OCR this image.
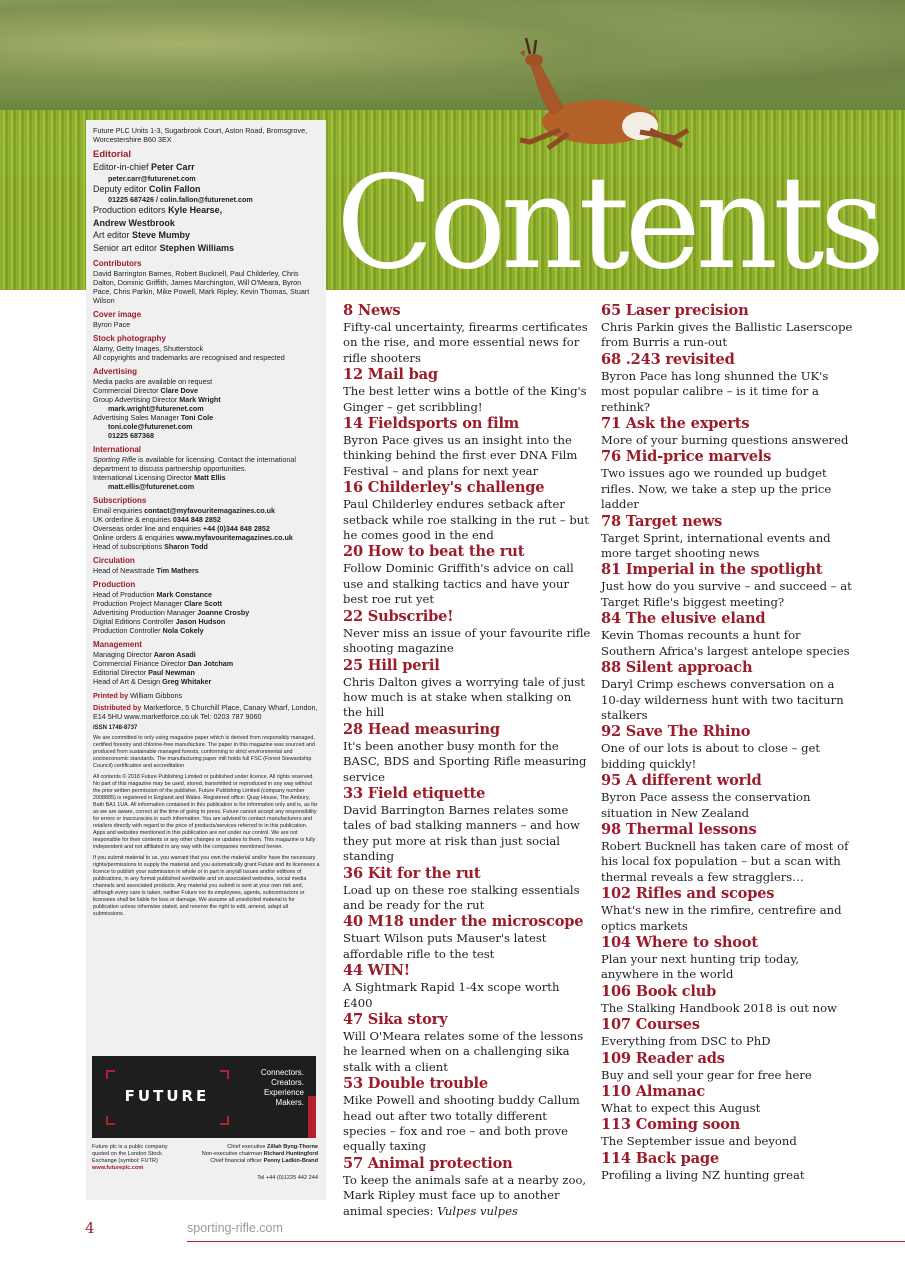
Contents
Future PLC Units 1-3, Sugarbrook Court, Aston Road, Bromsgrove, Worcestershire B60 3EX
Editorial
Editor-in-chief Peter Carr
peter.carr@futurenet.com
Deputy editor Colin Fallon
01225 687426 / colin.fallon@futurenet.com
Production editors Kyle Hearse,
Andrew Westbrook
Art editor Steve Mumby
Senior art editor Stephen Williams
Contributors
David Barrington Barnes, Robert Bucknell, Paul Childerley, Chris Dalton, Dominic Griffith, James Marchington, Will O'Meara, Byron Pace, Chris Parkin, Mike Powell, Mark Ripley, Kevin Thomas, Stuart Wilson
Cover image
Byron Pace
Stock photography
Alamy, Getty Images, Shutterstock
All copyrights and trademarks are recognised and respected
Advertising
Media packs are available on request
Commercial Director Clare Dove
Group Advertising Director Mark Wright
mark.wright@futurenet.com
Advertising Sales Manager Toni Cole
toni.cole@futurenet.com
01225 687368
International
Sporting Rifle is available for licensing. Contact the international department to discuss partnership opportunities.
International Licensing Director Matt Ellis
matt.ellis@futurenet.com
Subscriptions
Email enquiries contact@myfavouritemagazines.co.uk
UK orderline & enquiries 0344 848 2852
Overseas order line and enquiries +44 (0)344 848 2852
Online orders & enquiries www.myfavouritemagazines.co.uk
Head of subscriptions Sharon Todd
Circulation
Head of Newstrade Tim Mathers
Production
Head of Production Mark Constance
Production Project Manager Clare Scott
Advertising Production Manager Joanne Crosby
Digital Editions Controller Jason Hudson
Production Controller Nola Cokely
Management
Managing Director Aaron Asadi
Commercial Finance Director Dan Jotcham
Editorial Director Paul Newman
Head of Art & Design Greg Whitaker
Printed by William Gibbons
Distributed by Marketforce, 5 Churchill Place, Canary Wharf, London, E14 5HU www.marketforce.co.uk Tel: 0203 787 9060
ISSN 1748-8737
We are committed to only using magazine paper which is derived from responsibly managed, certified forestry and chlorine-free manufacture. The paper in this magazine was sourced and produced from sustainable managed forests, conforming to strict environmental and socioeconomic standards. The manufacturing paper mill holds full FSC (Forest Stewardship Council) certification and accreditation
All contents © 2018 Future Publishing Limited or published under licence. All rights reserved. No part of this magazine may be used, stored, transmitted or reproduced in any way without the prior written permission of the publisher. Future Publishing Limited (company number 2008885) is registered in England and Wales. Registered office: Quay House, The Ambury, Bath BA1 1UA. All information contained in this publication is for information only and is, as far as we are aware, correct at the time of going to press. Future cannot accept any responsibility for errors or inaccuracies in such information. You are advised to contact manufacturers and retailers directly with regard to the price of products/services referred to in this publication. Apps and websites mentioned in this publication are not under our control. We are not responsible for their contents or any other changes or updates to them. This magazine is fully independent and not affiliated in any way with the companies mentioned herein.
If you submit material to us, you warrant that you own the material and/or have the necessary rights/permissions to supply the material and you automatically grant Future and its licensees a licence to publish your submission in whole or in part in any/all issues and/or editions of publications, in any format published worldwide and on associated websites, social media channels and associated products. Any material you submit is sent at your own risk and, although every care is taken, neither Future nor its employees, agents, subcontractors or licensees shall be liable for loss or damage. We assume all unsolicited material is for publication unless otherwise stated, and reserve the right to edit, amend, adapt all submissions.
FUTURE
Connectors.
Creators.
Experience
Makers.
Future plc is a public company quoted on the London Stock Exchange (symbol: FUTR)
www.futureplc.com
Chief executive Zillah Byng-Thorne
Non-executive chairman Richard Huntingford
Chief financial officer Penny Ladkin-Brand
Tel +44 (0)1225 442 244
8 News
Fifty-cal uncertainty, firearms certificates on the rise, and more essential news for rifle shooters
12 Mail bag
The best letter wins a bottle of the King's Ginger – get scribbling!
14 Fieldsports on film
Byron Pace gives us an insight into the thinking behind the first ever DNA Film Festival – and plans for next year
16 Childerley's challenge
Paul Childerley endures setback after setback while roe stalking in the rut – but he comes good in the end
20 How to beat the rut
Follow Dominic Griffith's advice on call use and stalking tactics and have your best roe rut yet
22 Subscribe!
Never miss an issue of your favourite rifle shooting magazine
25 Hill peril
Chris Dalton gives a worrying tale of just how much is at stake when stalking on the hill
28 Head measuring
It's been another busy month for the BASC, BDS and Sporting Rifle measuring service
33 Field etiquette
David Barrington Barnes relates some tales of bad stalking manners – and how they put more at risk than just social standing
36 Kit for the rut
Load up on these roe stalking essentials and be ready for the rut
40 M18 under the microscope
Stuart Wilson puts Mauser's latest affordable rifle to the test
44 WIN!
A Sightmark Rapid 1-4x scope worth £400
47 Sika story
Will O'Meara relates some of the lessons he learned when on a challenging sika stalk with a client
53 Double trouble
Mike Powell and shooting buddy Callum head out after two totally different species – fox and roe – and both prove equally taxing
57 Animal protection
To keep the animals safe at a nearby zoo, Mark Ripley must face up to another animal species: Vulpes vulpes
65 Laser precision
Chris Parkin gives the Ballistic Laserscope from Burris a run-out
68 .243 revisited
Byron Pace has long shunned the UK's most popular calibre – is it time for a rethink?
71 Ask the experts
More of your burning questions answered
76 Mid-price marvels
Two issues ago we rounded up budget rifles. Now, we take a step up the price ladder
78 Target news
Target Sprint, international events and more target shooting news
81 Imperial in the spotlight
Just how do you survive – and succeed – at Target Rifle's biggest meeting?
84 The elusive eland
Kevin Thomas recounts a hunt for Southern Africa's largest antelope species
88 Silent approach
Daryl Crimp eschews conversation on a 10-day wilderness hunt with two taciturn stalkers
92 Save The Rhino
One of our lots is about to close – get bidding quickly!
95 A different world
Byron Pace assess the conservation situation in New Zealand
98 Thermal lessons
Robert Bucknell has taken care of most of his local fox population – but a scan with thermal reveals a few stragglers…
102 Rifles and scopes
What's new in the rimfire, centrefire and optics markets
104 Where to shoot
Plan your next hunting trip today, anywhere in the world
106 Book club
The Stalking Handbook 2018 is out now
107 Courses
Everything from DSC to PhD
109 Reader ads
Buy and sell your gear for free here
110 Almanac
What to expect this August
113 Coming soon
The September issue and beyond
114 Back page
Profiling a living NZ hunting great
4	sporting-rifle.com
